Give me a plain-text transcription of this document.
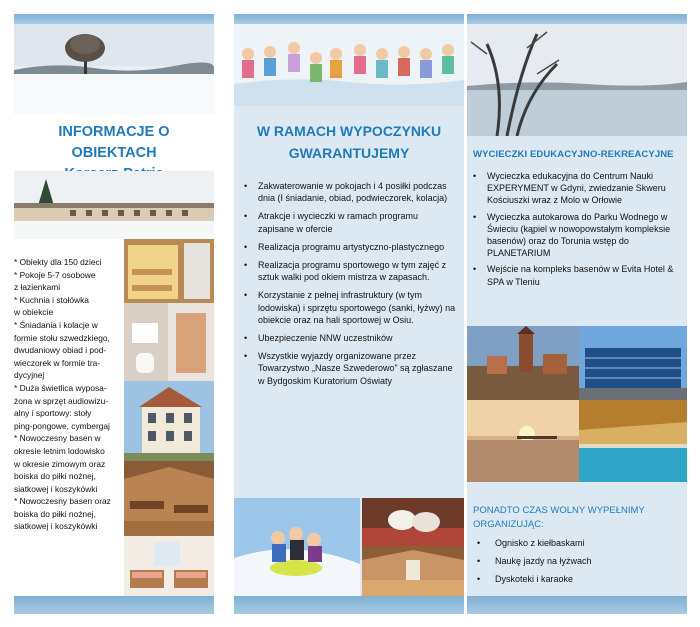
INFORMACJE O OBIEKTACH
* Obiekty dla 150 dzieci
* Pokoje 5-7 osobowe
z łazienkami
* Kuchnia i stołówka
w obiekcie
* Śniadania i kolacje w
formie stołu szwedzkiego,
dwudaniowy obiad i pod-
wieczorek w formie tra-
dycyjnej
* Duża świetlica wyposa-
żona w sprzęt audiowizu-
alny i sportowy: stoły
ping-pongowe, cymbergaj
* Nowoczesny basen w
okresie letnim lodowisko
w okresie zimowym oraz
boiska do piłki nożnej,
siatkowej i koszykówki
* Nowoczesny basen oraz
boiska do piłki nożnej,
siatkowej i koszykówki
W RAMACH WYPOCZYNKU
GWARANTUJEMY
• Zakwaterowanie w pokojach i 4 posiłki podczas dnia (I śniadanie, obiad, podwieczorek, kolacja)
• Atrakcje i wycieczki w ramach programu zapisane w ofercie
• Realizacja programu artystyczno-plastycznego
• Realizacja programu sportowego w tym zajęć z sztuk walki pod okiem mistrza w zapasach.
• Korzystanie z pełnej infrastruktury (w tym lodowiska) i sprzętu sportowego (sanki, łyżwy) na obiekcie oraz na hali sportowej w Osiu.
• Ubezpieczenie NNW uczestników
• Wszystkie wyjazdy organizowane przez Towarzystwo „Nasze Szwederowo” są zgłaszane w Bydgoskim Kuratorium Oświaty
WYCIECZKI EDUKACYJNO-REKREACYJNE
• Wycieczka edukacyjna do Centrum Nauki EXPERYMENT w Gdyni, zwiedzanie Skweru Kościuszki wraz z Molo w Orłowie
• Wycieczka autokarowa do Parku Wodnego w Świeciu (kąpiel w nowopowstałym kompleksie basenów) oraz do Torunia wstęp do PLANETARIUM
• Wejście na kompleks basenów w Evita Hotel & SPA w Tleniu
PONADTO CZAS WOLNY WYPEŁNIMY ORGANIZUJĄC:
• Ognisko z kiełbaskami
• Naukę jazdy na łyżwach
• Dyskoteki i karaoke
